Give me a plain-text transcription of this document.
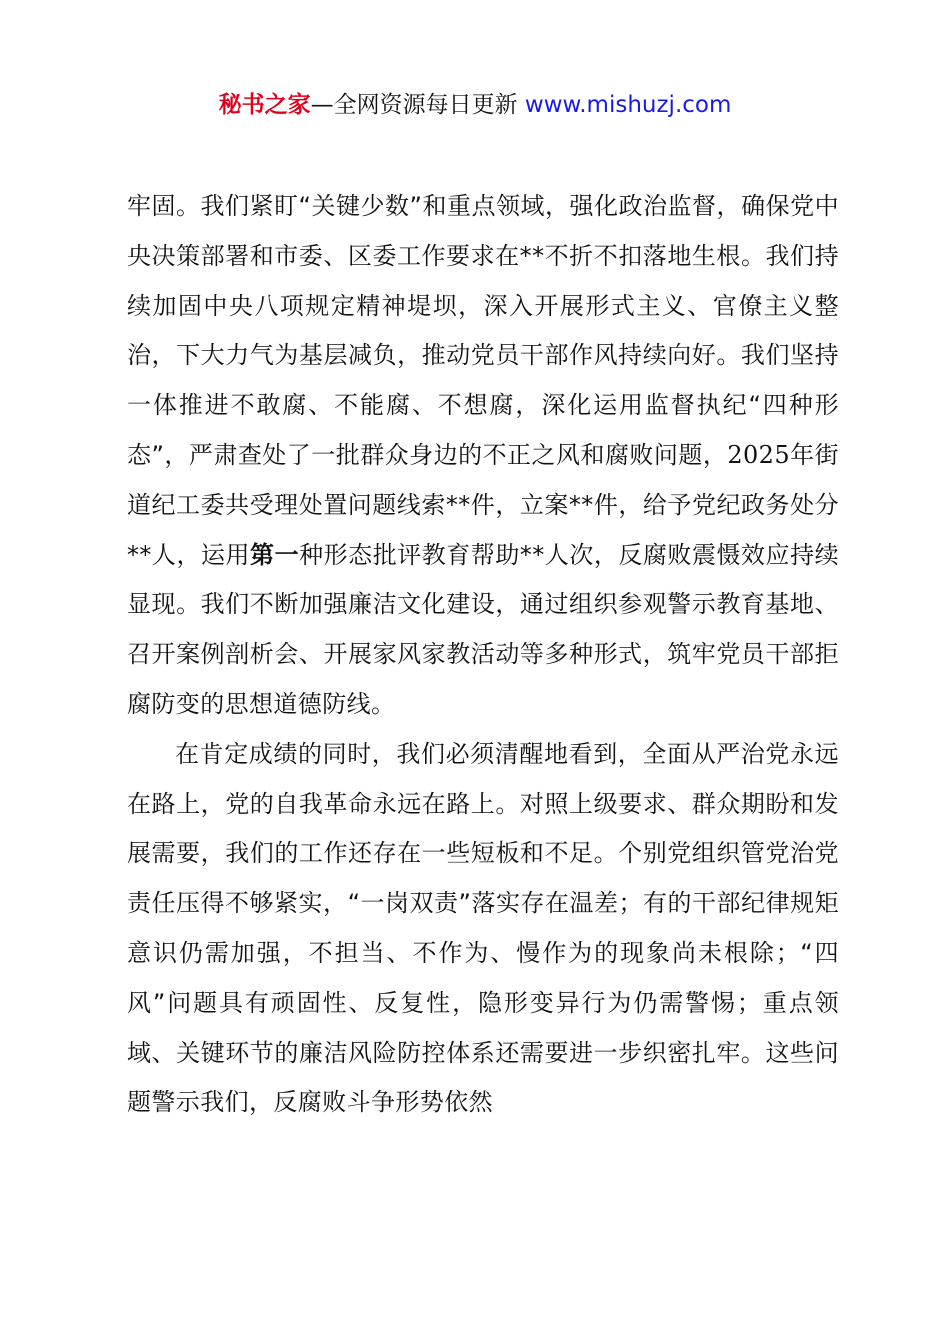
秘书之家—全网资源每日更新 www.mishuzj.com

牢固。我们紧盯“关键少数”和重点领域，强化政治监督，确保党中央决策部署和市委、区委工作要求在**不折不扣落地生根。我们持续加固中央八项规定精神堤坝，深入开展形式主义、官僚主义整治，下大力气为基层减负，推动党员干部作风持续向好。我们坚持一体推进不敢腐、不能腐、不想腐，深化运用监督执纪“四种形态”，严肃查处了一批群众身边的不正之风和腐败问题，2025年街道纪工委共受理处置问题线索**件，立案**件，给予党纪政务处分**人，运用第一种形态批评教育帮助**人次，反腐败震慑效应持续显现。我们不断加强廉洁文化建设，通过组织参观警示教育基地、召开案例剖析会、开展家风家教活动等多种形式，筑牢党员干部拒腐防变的思想道德防线。

在肯定成绩的同时，我们必须清醒地看到，全面从严治党永远在路上，党的自我革命永远在路上。对照上级要求、群众期盼和发展需要，我们的工作还存在一些短板和不足。个别党组织管党治党责任压得不够紧实，“一岗双责”落实存在温差；有的干部纪律规矩意识仍需加强，不担当、不作为、慢作为的现象尚未根除；“四风”问题具有顽固性、反复性，隐形变异行为仍需警惕；重点领域、关键环节的廉洁风险防控体系还需要进一步织密扎牢。这些问题警示我们，反腐败斗争形势依然
